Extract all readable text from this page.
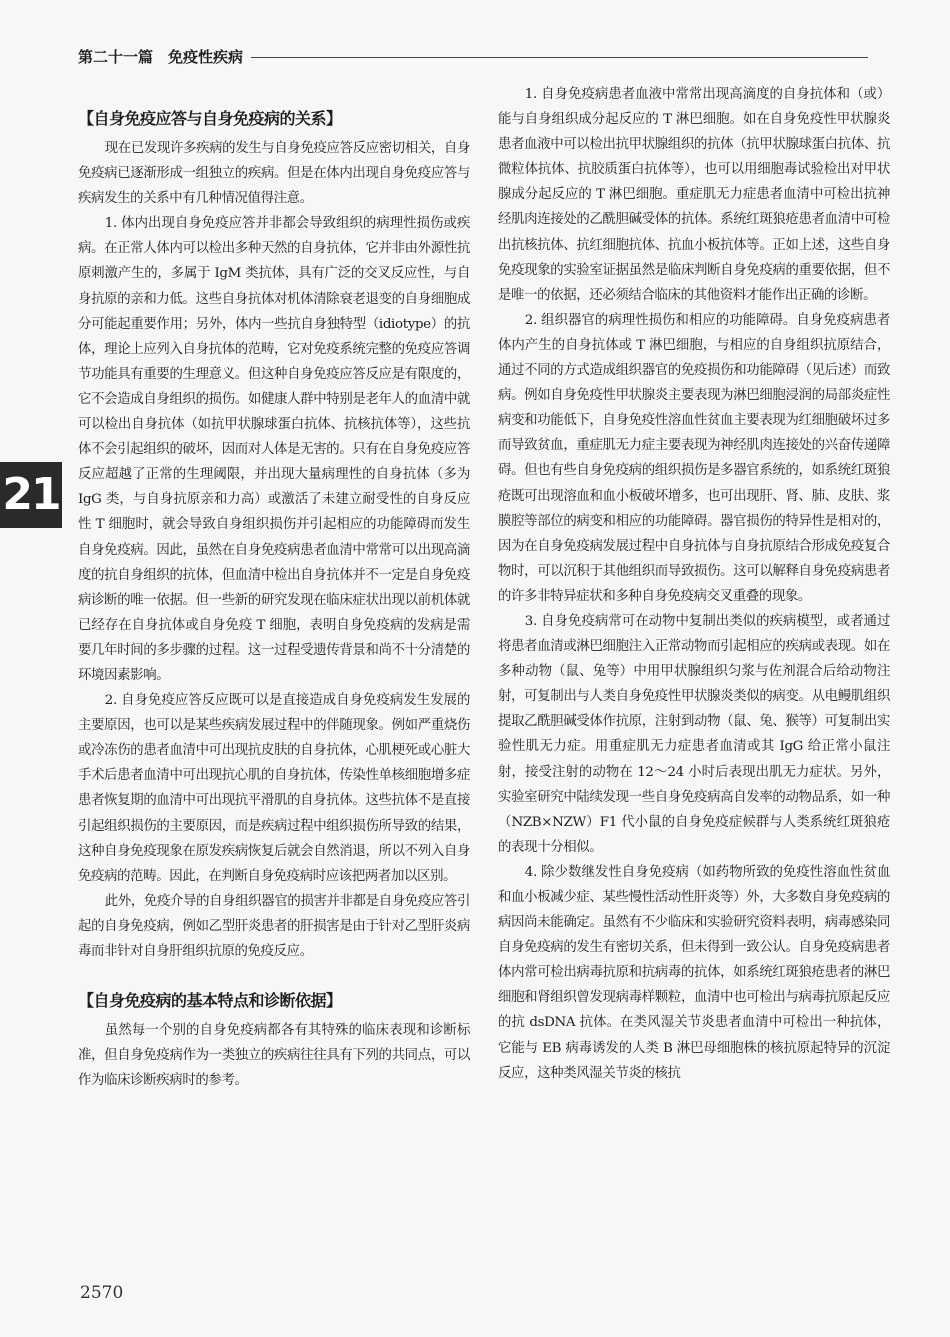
第二十一篇　免疫性疾病
21
【自身免疫应答与自身免疫病的关系】

现在已发现许多疾病的发生与自身免疫应答反应密切相关，自身免疫病已逐渐形成一组独立的疾病。但是在体内出现自身免疫应答与疾病发生的关系中有几种情况值得注意。

1. 体内出现自身免疫应答并非都会导致组织的病理性损伤或疾病。在正常人体内可以检出多种天然的自身抗体，它并非由外源性抗原刺激产生的，多属于 IgM 类抗体，具有广泛的交叉反应性，与自身抗原的亲和力低。这些自身抗体对机体清除衰老退变的自身细胞成分可能起重要作用；另外，体内一些抗自身独特型（idiotype）的抗体，理论上应列入自身抗体的范畴，它对免疫系统完整的免疫应答调节功能具有重要的生理意义。但这种自身免疫应答反应是有限度的，它不会造成自身组织的损伤。如健康人群中特别是老年人的血清中就可以检出自身抗体（如抗甲状腺球蛋白抗体、抗核抗体等），这些抗体不会引起组织的破坏，因而对人体是无害的。只有在自身免疫应答反应超越了正常的生理阈限，并出现大量病理性的自身抗体（多为 IgG 类，与自身抗原亲和力高）或激活了未建立耐受性的自身反应性 T 细胞时，就会导致自身组织损伤并引起相应的功能障碍而发生自身免疫病。因此，虽然在自身免疫病患者血清中常常可以出现高滴度的抗自身组织的抗体，但血清中检出自身抗体并不一定是自身免疫病诊断的唯一依据。但一些新的研究发现在临床症状出现以前机体就已经存在自身抗体或自身免疫 T 细胞，表明自身免疫病的发病是需要几年时间的多步骤的过程。这一过程受遗传背景和尚不十分清楚的环境因素影响。

2. 自身免疫应答反应既可以是直接造成自身免疫病发生发展的主要原因，也可以是某些疾病发展过程中的伴随现象。例如严重烧伤或冷冻伤的患者血清中可出现抗皮肤的自身抗体，心肌梗死或心脏大手术后患者血清中可出现抗心肌的自身抗体，传染性单核细胞增多症患者恢复期的血清中可出现抗平滑肌的自身抗体。这些抗体不是直接引起组织损伤的主要原因，而是疾病过程中组织损伤所导致的结果，这种自身免疫现象在原发疾病恢复后就会自然消退，所以不列入自身免疫病的范畴。因此，在判断自身免疫病时应该把两者加以区别。

此外，免疫介导的自身组织器官的损害并非都是自身免疫应答引起的自身免疫病，例如乙型肝炎患者的肝损害是由于针对乙型肝炎病毒而非针对自身肝组织抗原的免疫反应。

【自身免疫病的基本特点和诊断依据】

虽然每一个别的自身免疫病都各有其特殊的临床表现和诊断标准，但自身免疫病作为一类独立的疾病往往具有下列的共同点，可以作为临床诊断疾病时的参考。

1. 自身免疫病患者血液中常常出现高滴度的自身抗体和（或）能与自身组织成分起反应的 T 淋巴细胞。如在自身免疫性甲状腺炎患者血液中可以检出抗甲状腺组织的抗体（抗甲状腺球蛋白抗体、抗微粒体抗体、抗胶质蛋白抗体等），也可以用细胞毒试验检出对甲状腺成分起反应的 T 淋巴细胞。重症肌无力症患者血清中可检出抗神经肌肉连接处的乙酰胆碱受体的抗体。系统红斑狼疮患者血清中可检出抗核抗体、抗红细胞抗体、抗血小板抗体等。正如上述，这些自身免疫现象的实验室证据虽然是临床判断自身免疫病的重要依据，但不是唯一的依据，还必须结合临床的其他资料才能作出正确的诊断。

2. 组织器官的病理性损伤和相应的功能障碍。自身免疫病患者体内产生的自身抗体或 T 淋巴细胞，与相应的自身组织抗原结合，通过不同的方式造成组织器官的免疫损伤和功能障碍（见后述）而致病。例如自身免疫性甲状腺炎主要表现为淋巴细胞浸润的局部炎症性病变和功能低下，自身免疫性溶血性贫血主要表现为红细胞破坏过多而导致贫血，重症肌无力症主要表现为神经肌肉连接处的兴奋传递障碍。但也有些自身免疫病的组织损伤是多器官系统的，如系统红斑狼疮既可出现溶血和血小板破坏增多，也可出现肝、肾、肺、皮肤、浆膜腔等部位的病变和相应的功能障碍。器官损伤的特异性是相对的，因为在自身免疫病发展过程中自身抗体与自身抗原结合形成免疫复合物时，可以沉积于其他组织而导致损伤。这可以解释自身免疫病患者的许多非特异症状和多种自身免疫病交叉重叠的现象。

3. 自身免疫病常可在动物中复制出类似的疾病模型，或者通过将患者血清或淋巴细胞注入正常动物而引起相应的疾病或表现。如在多种动物（鼠、兔等）中用甲状腺组织匀浆与佐剂混合后给动物注射，可复制出与人类自身免疫性甲状腺炎类似的病变。从电鳗肌组织提取乙酰胆碱受体作抗原，注射到动物（鼠、兔、猴等）可复制出实验性肌无力症。用重症肌无力症患者血清或其 IgG 给正常小鼠注射，接受注射的动物在 12～24 小时后表现出肌无力症状。另外，实验室研究中陆续发现一些自身免疫病高自发率的动物品系，如一种（NZB×NZW）F1 代小鼠的自身免疫症候群与人类系统红斑狼疮的表现十分相似。

4. 除少数继发性自身免疫病（如药物所致的免疫性溶血性贫血和血小板减少症、某些慢性活动性肝炎等）外，大多数自身免疫病的病因尚未能确定。虽然有不少临床和实验研究资料表明，病毒感染同自身免疫病的发生有密切关系，但未得到一致公认。自身免疫病患者体内常可检出病毒抗原和抗病毒的抗体，如系统红斑狼疮患者的淋巴细胞和肾组织曾发现病毒样颗粒，血清中也可检出与病毒抗原起反应的抗 dsDNA 抗体。在类风湿关节炎患者血清中可检出一种抗体，它能与 EB 病毒诱发的人类 B 淋巴母细胞株的核抗原起特异的沉淀反应，这种类风湿关节炎的核抗

2570
